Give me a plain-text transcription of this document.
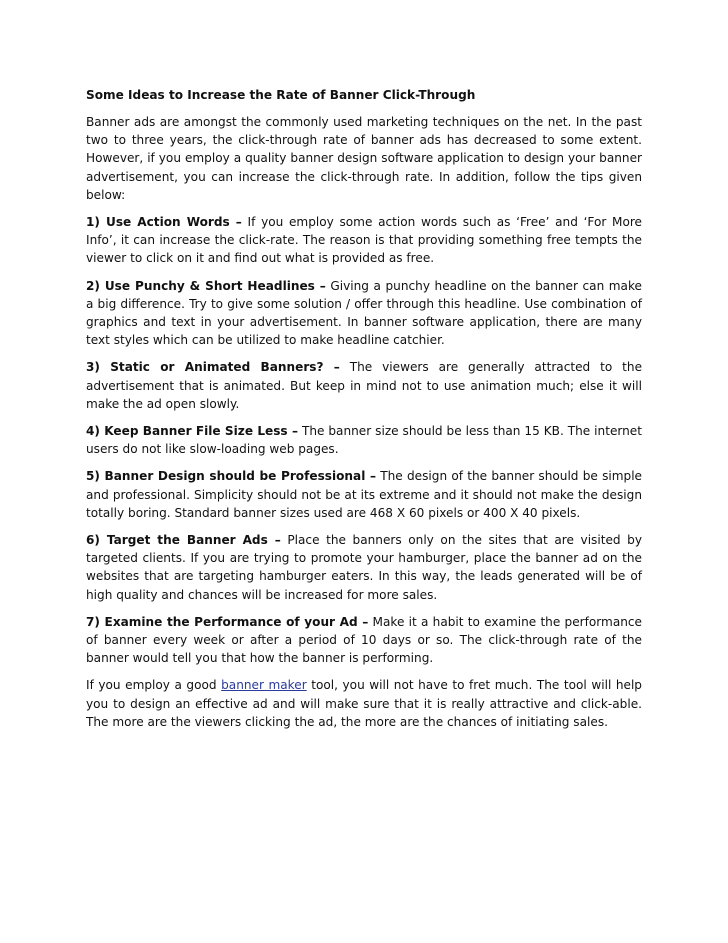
Some Ideas to Increase the Rate of Banner Click-Through

Banner ads are amongst the commonly used marketing techniques on the net. In the past two to three years, the click-through rate of banner ads has decreased to some extent. However, if you employ a quality banner design software application to design your banner advertisement, you can increase the click-through rate. In addition, follow the tips given below:

1) Use Action Words – If you employ some action words such as ‘Free’ and ‘For More Info’, it can increase the click-rate. The reason is that providing something free tempts the viewer to click on it and find out what is provided as free.

2) Use Punchy & Short Headlines – Giving a punchy headline on the banner can make a big difference. Try to give some solution / offer through this headline. Use combination of graphics and text in your advertisement. In banner software application, there are many text styles which can be utilized to make headline catchier.

3) Static or Animated Banners? – The viewers are generally attracted to the advertisement that is animated. But keep in mind not to use animation much; else it will make the ad open slowly.

4) Keep Banner File Size Less – The banner size should be less than 15 KB. The internet users do not like slow-loading web pages.

5) Banner Design should be Professional – The design of the banner should be simple and professional. Simplicity should not be at its extreme and it should not make the design totally boring. Standard banner sizes used are 468 X 60 pixels or 400 X 40 pixels.

6) Target the Banner Ads – Place the banners only on the sites that are visited by targeted clients. If you are trying to promote your hamburger, place the banner ad on the websites that are targeting hamburger eaters. In this way, the leads generated will be of high quality and chances will be increased for more sales.

7) Examine the Performance of your Ad – Make it a habit to examine the performance of banner every week or after a period of 10 days or so. The click-through rate of the banner would tell you that how the banner is performing.

If you employ a good banner maker tool, you will not have to fret much. The tool will help you to design an effective ad and will make sure that it is really attractive and click-able. The more are the viewers clicking the ad, the more are the chances of initiating sales.
